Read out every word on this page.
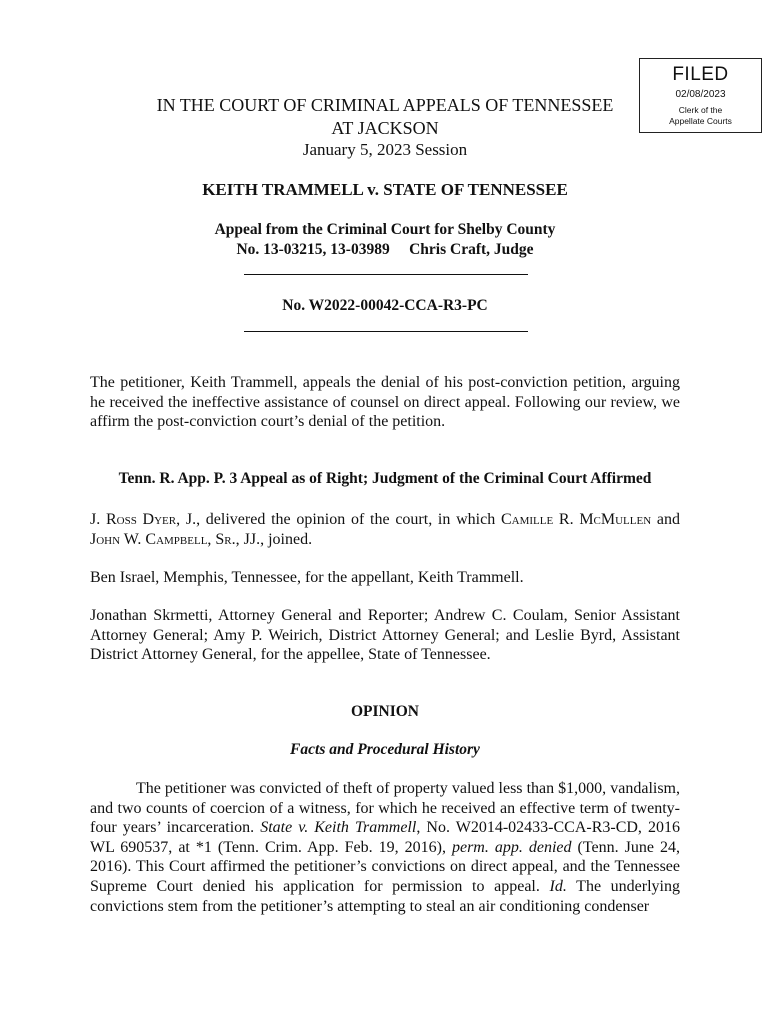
FILED
02/08/2023
Clerk of the
Appellate Courts
IN THE COURT OF CRIMINAL APPEALS OF TENNESSEE
AT JACKSON
January 5, 2023 Session
KEITH TRAMMELL v. STATE OF TENNESSEE
Appeal from the Criminal Court for Shelby County
No. 13-03215, 13-03989 Chris Craft, Judge
No. W2022-00042-CCA-R3-PC
The petitioner, Keith Trammell, appeals the denial of his post-conviction petition, arguing he received the ineffective assistance of counsel on direct appeal. Following our review, we affirm the post-conviction court’s denial of the petition.
Tenn. R. App. P. 3 Appeal as of Right; Judgment of the Criminal Court Affirmed
J. Ross Dyer, J., delivered the opinion of the court, in which Camille R. McMullen and John W. Campbell, Sr., JJ., joined.
Ben Israel, Memphis, Tennessee, for the appellant, Keith Trammell.
Jonathan Skrmetti, Attorney General and Reporter; Andrew C. Coulam, Senior Assistant Attorney General; Amy P. Weirich, District Attorney General; and Leslie Byrd, Assistant District Attorney General, for the appellee, State of Tennessee.
OPINION
Facts and Procedural History
The petitioner was convicted of theft of property valued less than $1,000, vandalism, and two counts of coercion of a witness, for which he received an effective term of twenty-four years’ incarceration. State v. Keith Trammell, No. W2014-02433-CCA-R3-CD, 2016 WL 690537, at *1 (Tenn. Crim. App. Feb. 19, 2016), perm. app. denied (Tenn. June 24, 2016). This Court affirmed the petitioner’s convictions on direct appeal, and the Tennessee Supreme Court denied his application for permission to appeal. Id. The underlying convictions stem from the petitioner’s attempting to steal an air conditioning condenser
